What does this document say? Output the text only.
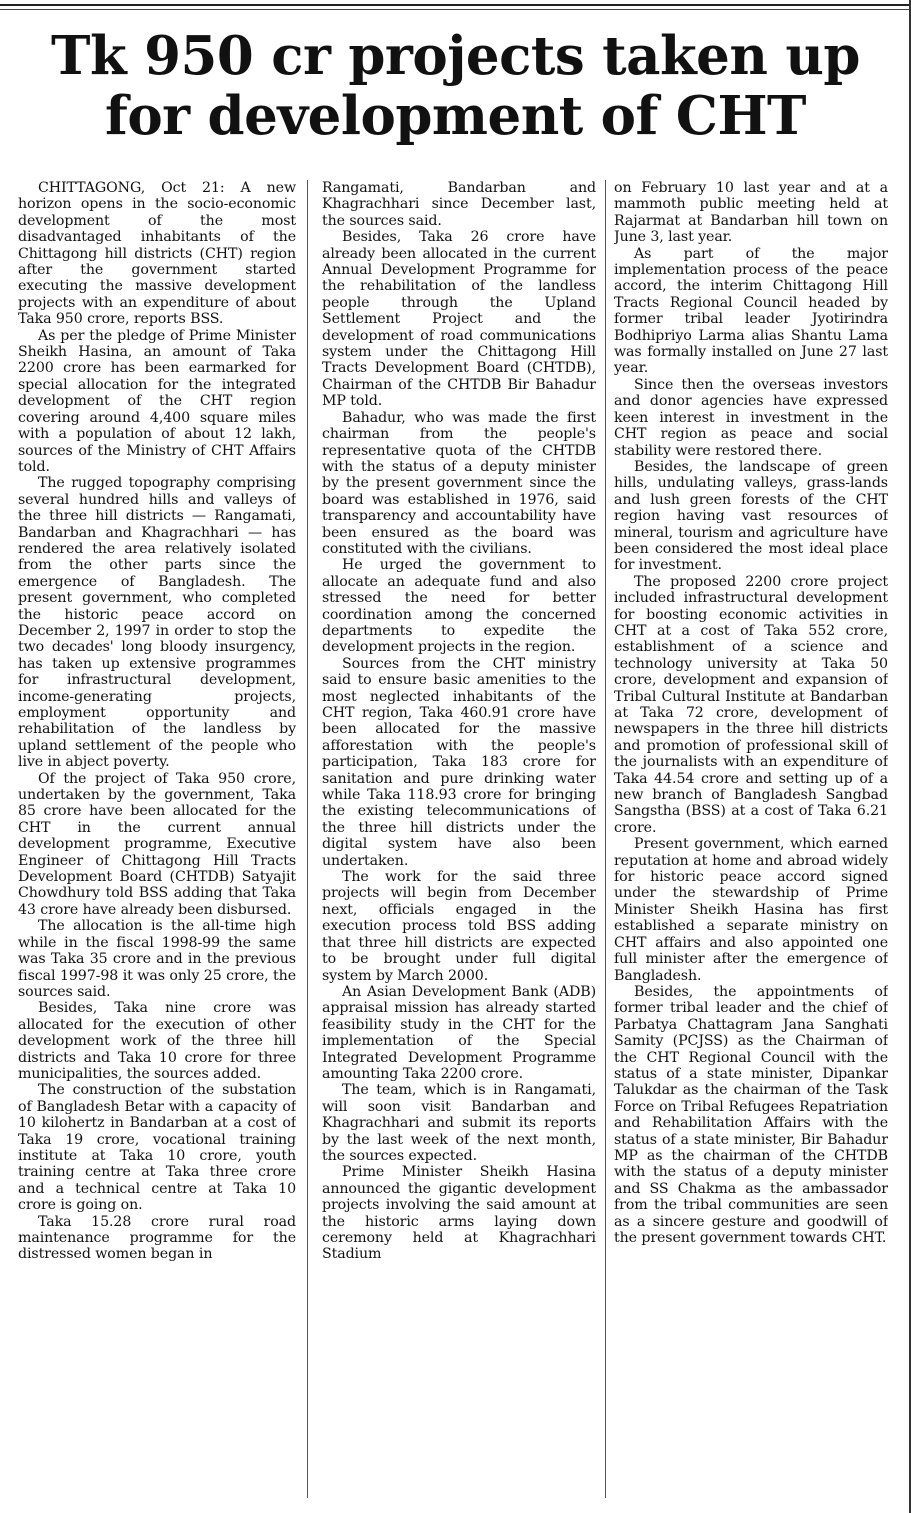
Tk 950 cr projects taken up
for development of CHT

CHITTAGONG, Oct 21: A new horizon opens in the socio-economic development of the most disadvantaged inhabitants of the Chittagong hill districts (CHT) region after the government started executing the massive development projects with an expenditure of about Taka 950 crore, reports BSS.

As per the pledge of Prime Minister Sheikh Hasina, an amount of Taka 2200 crore has been earmarked for special allocation for the integrated development of the CHT region covering around 4,400 square miles with a population of about 12 lakh, sources of the Ministry of CHT Affairs told.

The rugged topography comprising several hundred hills and valleys of the three hill districts — Rangamati, Bandarban and Khagrachhari — has rendered the area relatively isolated from the other parts since the emergence of Bangladesh. The present government, who completed the historic peace accord on December 2, 1997 in order to stop the two decades' long bloody insurgency, has taken up extensive programmes for infrastructural development, income-generating projects, employment opportunity and rehabilitation of the landless by upland settlement of the people who live in abject poverty.

Of the project of Taka 950 crore, undertaken by the government, Taka 85 crore have been allocated for the CHT in the current annual development programme, Executive Engineer of Chittagong Hill Tracts Development Board (CHTDB) Satyajit Chowdhury told BSS adding that Taka 43 crore have already been disbursed.

The allocation is the all-time high while in the fiscal 1998-99 the same was Taka 35 crore and in the previous fiscal 1997-98 it was only 25 crore, the sources said.

Besides, Taka nine crore was allocated for the execution of other development work of the three hill districts and Taka 10 crore for three municipalities, the sources added.

The construction of the substation of Bangladesh Betar with a capacity of 10 kilohertz in Bandarban at a cost of Taka 19 crore, vocational training institute at Taka 10 crore, youth training centre at Taka three crore and a technical centre at Taka 10 crore is going on.

Taka 15.28 crore rural road maintenance programme for the distressed women began in

Rangamati, Bandarban and Khagrachhari since December last, the sources said.

Besides, Taka 26 crore have already been allocated in the current Annual Development Programme for the rehabilitation of the landless people through the Upland Settlement Project and the development of road communications system under the Chittagong Hill Tracts Development Board (CHTDB), Chairman of the CHTDB Bir Bahadur MP told.

Bahadur, who was made the first chairman from the people's representative quota of the CHTDB with the status of a deputy minister by the present government since the board was established in 1976, said transparency and accountability have been ensured as the board was constituted with the civilians.

He urged the government to allocate an adequate fund and also stressed the need for better coordination among the concerned departments to expedite the development projects in the region.

Sources from the CHT ministry said to ensure basic amenities to the most neglected inhabitants of the CHT region, Taka 460.91 crore have been allocated for the massive afforestation with the people's participation, Taka 183 crore for sanitation and pure drinking water while Taka 118.93 crore for bringing the existing telecommunications of the three hill districts under the digital system have also been undertaken.

The work for the said three projects will begin from December next, officials engaged in the execution process told BSS adding that three hill districts are expected to be brought under full digital system by March 2000.

An Asian Development Bank (ADB) appraisal mission has already started feasibility study in the CHT for the implementation of the Special Integrated Development Programme amounting Taka 2200 crore.

The team, which is in Rangamati, will soon visit Bandarban and Khagrachhari and submit its reports by the last week of the next month, the sources expected.

Prime Minister Sheikh Hasina announced the gigantic development projects involving the said amount at the historic arms laying down ceremony held at Khagrachhari Stadium

on February 10 last year and at a mammoth public meeting held at Rajarmat at Bandarban hill town on June 3, last year.

As part of the major implementation process of the peace accord, the interim Chittagong Hill Tracts Regional Council headed by former tribal leader Jyotirindra Bodhipriyo Larma alias Shantu Lama was formally installed on June 27 last year.

Since then the overseas investors and donor agencies have expressed keen interest in investment in the CHT region as peace and social stability were restored there.

Besides, the landscape of green hills, undulating valleys, grass-lands and lush green forests of the CHT region having vast resources of mineral, tourism and agriculture have been considered the most ideal place for investment.

The proposed 2200 crore project included infrastructural development for boosting economic activities in CHT at a cost of Taka 552 crore, establishment of a science and technology university at Taka 50 crore, development and expansion of Tribal Cultural Institute at Bandarban at Taka 72 crore, development of newspapers in the three hill districts and promotion of professional skill of the journalists with an expenditure of Taka 44.54 crore and setting up of a new branch of Bangladesh Sangbad Sangstha (BSS) at a cost of Taka 6.21 crore.

Present government, which earned reputation at home and abroad widely for historic peace accord signed under the stewardship of Prime Minister Sheikh Hasina has first established a separate ministry on CHT affairs and also appointed one full minister after the emergence of Bangladesh.

Besides, the appointments of former tribal leader and the chief of Parbatya Chattagram Jana Sanghati Samity (PCJSS) as the Chairman of the CHT Regional Council with the status of a state minister, Dipankar Talukdar as the chairman of the Task Force on Tribal Refugees Repatriation and Rehabilitation Affairs with the status of a state minister, Bir Bahadur MP as the chairman of the CHTDB with the status of a deputy minister and SS Chakma as the ambassador from the tribal communities are seen as a sincere gesture and goodwill of the present government towards CHT.
